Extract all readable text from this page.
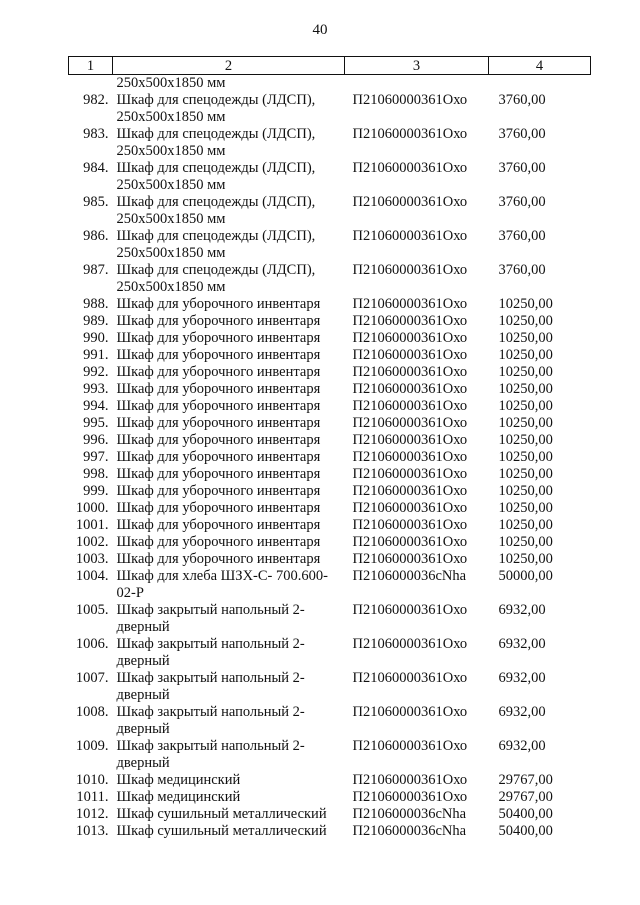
40
1	2	3	4
	250х500х1850 мм		
982.	Шкаф для спецодежды (ЛДСП), 250х500х1850 мм	П21060000361Охо	3760,00
983.	Шкаф для спецодежды (ЛДСП), 250х500х1850 мм	П21060000361Охо	3760,00
984.	Шкаф для спецодежды (ЛДСП), 250х500х1850 мм	П21060000361Охо	3760,00
985.	Шкаф для спецодежды (ЛДСП), 250х500х1850 мм	П21060000361Охо	3760,00
986.	Шкаф для спецодежды (ЛДСП), 250х500х1850 мм	П21060000361Охо	3760,00
987.	Шкаф для спецодежды (ЛДСП), 250х500х1850 мм	П21060000361Охо	3760,00
988.	Шкаф для уборочного инвентаря	П21060000361Охо	10250,00
989.	Шкаф для уборочного инвентаря	П21060000361Охо	10250,00
990.	Шкаф для уборочного инвентаря	П21060000361Охо	10250,00
991.	Шкаф для уборочного инвентаря	П21060000361Охо	10250,00
992.	Шкаф для уборочного инвентаря	П21060000361Охо	10250,00
993.	Шкаф для уборочного инвентаря	П21060000361Охо	10250,00
994.	Шкаф для уборочного инвентаря	П21060000361Охо	10250,00
995.	Шкаф для уборочного инвентаря	П21060000361Охо	10250,00
996.	Шкаф для уборочного инвентаря	П21060000361Охо	10250,00
997.	Шкаф для уборочного инвентаря	П21060000361Охо	10250,00
998.	Шкаф для уборочного инвентаря	П21060000361Охо	10250,00
999.	Шкаф для уборочного инвентаря	П21060000361Охо	10250,00
1000.	Шкаф для уборочного инвентаря	П21060000361Охо	10250,00
1001.	Шкаф для уборочного инвентаря	П21060000361Охо	10250,00
1002.	Шкаф для уборочного инвентаря	П21060000361Охо	10250,00
1003.	Шкаф для уборочного инвентаря	П21060000361Охо	10250,00
1004.	Шкаф для хлеба ШЗХ-С- 700.600-02-Р	П2106000036сNha	50000,00
1005.	Шкаф закрытый напольный 2-дверный	П21060000361Охо	6932,00
1006.	Шкаф закрытый напольный 2-дверный	П21060000361Охо	6932,00
1007.	Шкаф закрытый напольный 2-дверный	П21060000361Охо	6932,00
1008.	Шкаф закрытый напольный 2-дверный	П21060000361Охо	6932,00
1009.	Шкаф закрытый напольный 2-дверный	П21060000361Охо	6932,00
1010.	Шкаф медицинский	П21060000361Охо	29767,00
1011.	Шкаф медицинский	П21060000361Охо	29767,00
1012.	Шкаф сушильный металлический	П2106000036сNha	50400,00
1013.	Шкаф сушильный металлический	П2106000036сNha	50400,00
